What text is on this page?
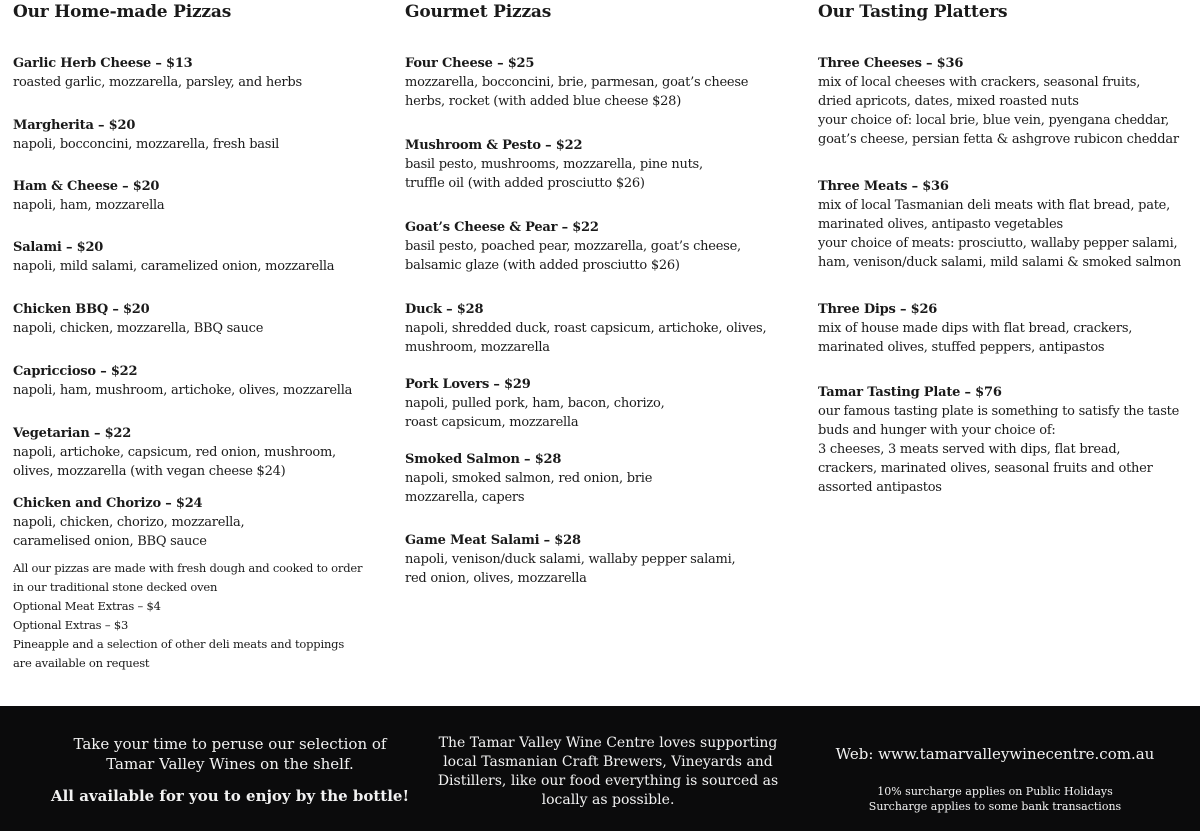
Our Home-made Pizzas
Garlic Herb Cheese – $13
roasted garlic, mozzarella, parsley, and herbs
Margherita – $20
napoli, bocconcini, mozzarella, fresh basil
Ham & Cheese – $20
napoli, ham, mozzarella
Salami – $20
napoli, mild salami, caramelized onion, mozzarella
Chicken BBQ – $20
napoli, chicken, mozzarella, BBQ sauce
Capriccioso – $22
napoli, ham, mushroom, artichoke, olives, mozzarella
Vegetarian – $22
napoli, artichoke, capsicum, red onion, mushroom,
olives, mozzarella (with vegan cheese $24)
Chicken and Chorizo – $24
napoli, chicken, chorizo, mozzarella,
caramelised onion, BBQ sauce
All our pizzas are made with fresh dough and cooked to order
in our traditional stone decked oven
Optional Meat Extras – $4
Optional Extras – $3
Pineapple and a selection of other deli meats and toppings
are available on request
Gourmet Pizzas
Four Cheese – $25
mozzarella, bocconcini, brie, parmesan, goat’s cheese
herbs, rocket (with added blue cheese $28)
Mushroom & Pesto – $22
basil pesto, mushrooms, mozzarella, pine nuts,
truffle oil (with added prosciutto $26)
Goat’s Cheese & Pear – $22
basil pesto, poached pear, mozzarella, goat’s cheese,
balsamic glaze (with added prosciutto $26)
Duck – $28
napoli, shredded duck, roast capsicum, artichoke, olives,
mushroom, mozzarella
Pork Lovers – $29
napoli, pulled pork, ham, bacon, chorizo,
roast capsicum, mozzarella
Smoked Salmon – $28
napoli, smoked salmon, red onion, brie
mozzarella, capers
Game Meat Salami – $28
napoli, venison/duck salami, wallaby pepper salami,
red onion, olives, mozzarella
Our Tasting Platters
Three Cheeses – $36
mix of local cheeses with crackers, seasonal fruits,
dried apricots, dates, mixed roasted nuts
your choice of: local brie, blue vein, pyengana cheddar,
goat’s cheese, persian fetta & ashgrove rubicon cheddar
Three Meats – $36
mix of local Tasmanian deli meats with flat bread, pate,
marinated olives, antipasto vegetables
your choice of meats: prosciutto, wallaby pepper salami,
ham, venison/duck salami, mild salami & smoked salmon
Three Dips – $26
mix of house made dips with flat bread, crackers,
marinated olives, stuffed peppers, antipastos
Tamar Tasting Plate – $76
our famous tasting plate is something to satisfy the taste
buds and hunger with your choice of:
3 cheeses, 3 meats served with dips, flat bread,
crackers, marinated olives, seasonal fruits and other
assorted antipastos
Take your time to peruse our selection of
Tamar Valley Wines on the shelf.
All available for you to enjoy by the bottle!
The Tamar Valley Wine Centre loves supporting
local Tasmanian Craft Brewers, Vineyards and
Distillers, like our food everything is sourced as
locally as possible.
Web: www.tamarvalleywinecentre.com.au
10% surcharge applies on Public Holidays
Surcharge applies to some bank transactions
